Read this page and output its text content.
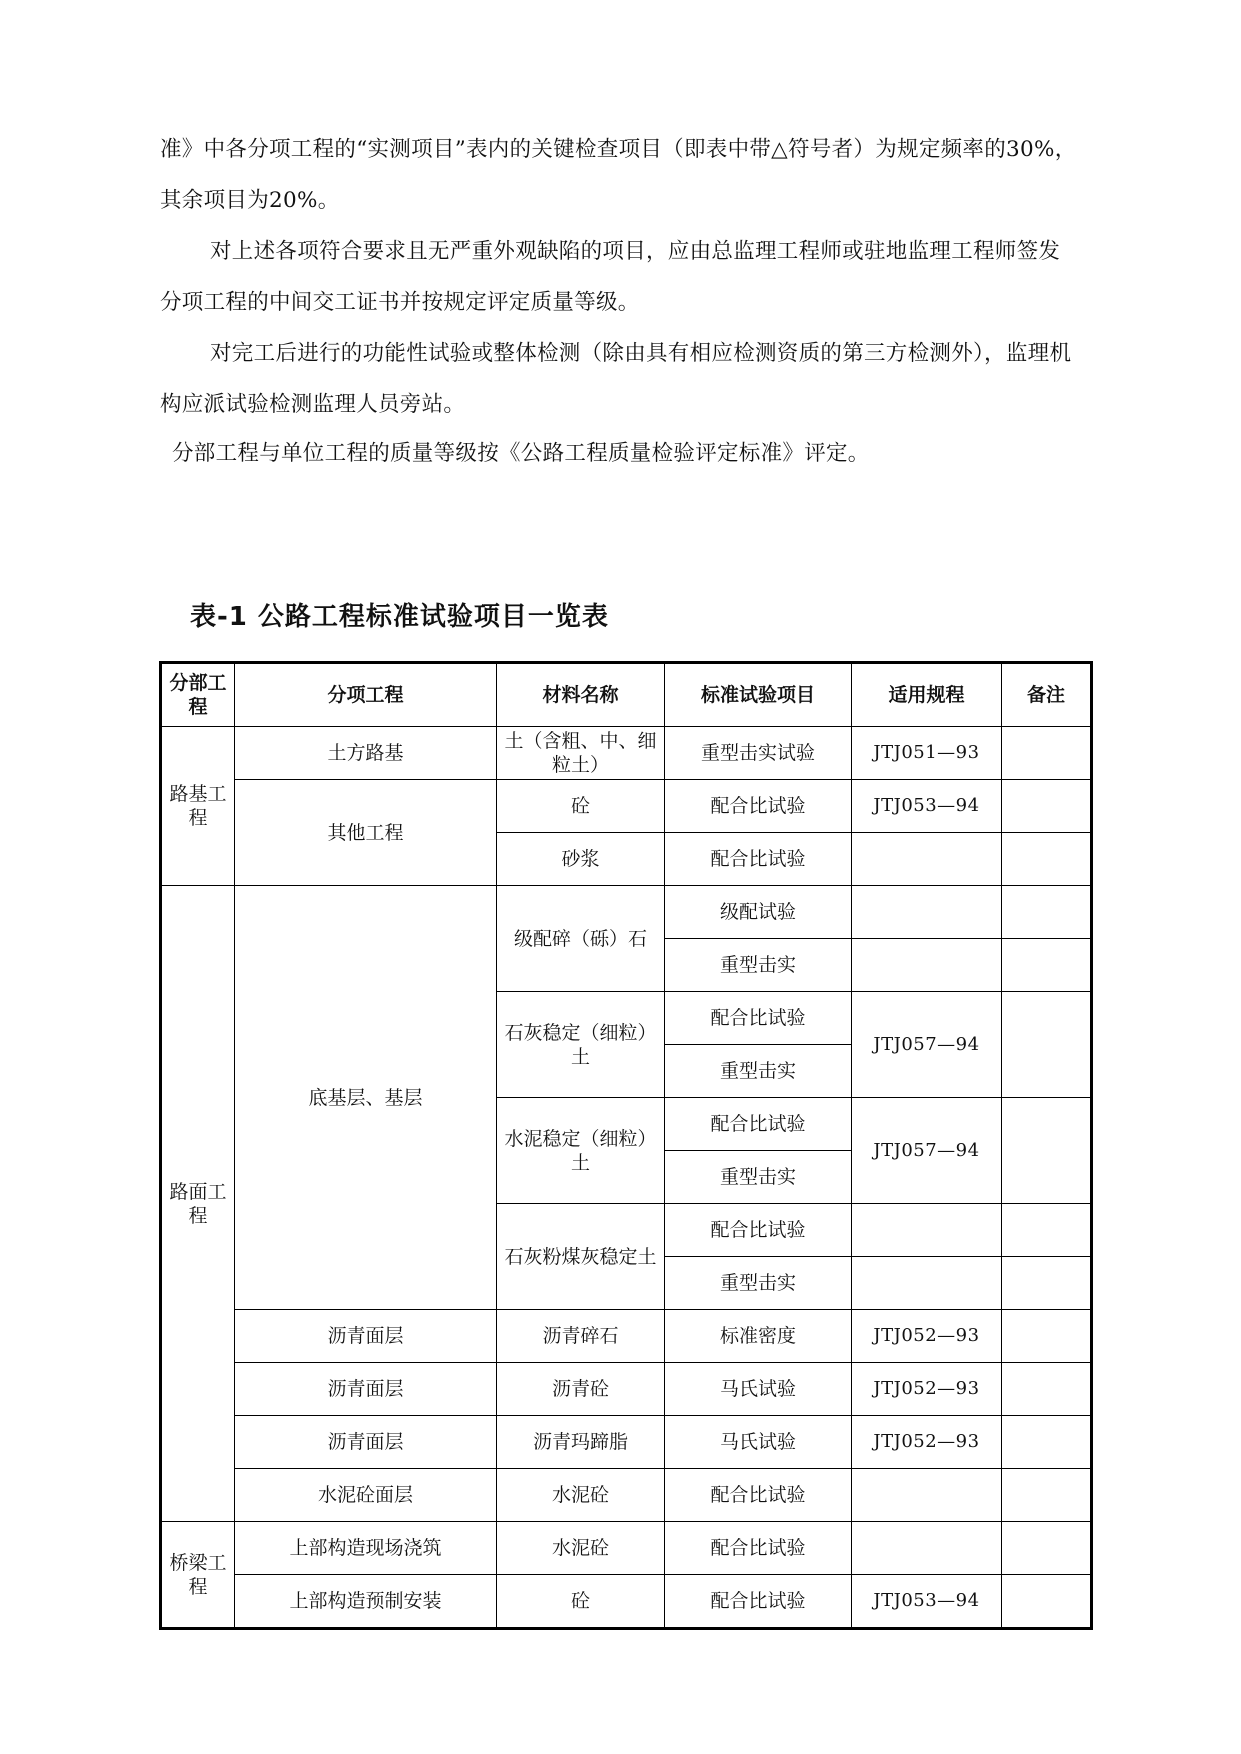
准》中各分项工程的“实测项目”表内的关键检查项目（即表中带△符号者）为规定频率的30%，其余项目为20%。

对上述各项符合要求且无严重外观缺陷的项目，应由总监理工程师或驻地监理工程师签发分项工程的中间交工证书并按规定评定质量等级。

对完工后进行的功能性试验或整体检测（除由具有相应检测资质的第三方检测外），监理机构应派试验检测监理人员旁站。

分部工程与单位工程的质量等级按《公路工程质量检验评定标准》评定。

表-1 公路工程标准试验项目一览表
分部工程	分项工程	材料名称	标准试验项目	适用规程	备注
路基工程	土方路基	土（含粗、中、细粒土）	重型击实试验	JTJ051—93	
	其他工程	砼	配合比试验	JTJ053—94	
		砂浆	配合比试验		
路面工程	底基层、基层	级配碎（砾）石	级配试验		
			重型击实		
		石灰稳定（细粒）土	配合比试验	JTJ057—94	
			重型击实		
		水泥稳定（细粒）土	配合比试验	JTJ057—94	
			重型击实		
		石灰粉煤灰稳定土	配合比试验		
			重型击实		
	沥青面层	沥青碎石	标准密度	JTJ052—93	
	沥青面层	沥青砼	马氏试验	JTJ052—93	
	沥青面层	沥青玛蹄脂	马氏试验	JTJ052—93	
	水泥砼面层	水泥砼	配合比试验		
桥梁工程	上部构造现场浇筑	水泥砼	配合比试验		
	上部构造预制安装	砼	配合比试验	JTJ053—94	
